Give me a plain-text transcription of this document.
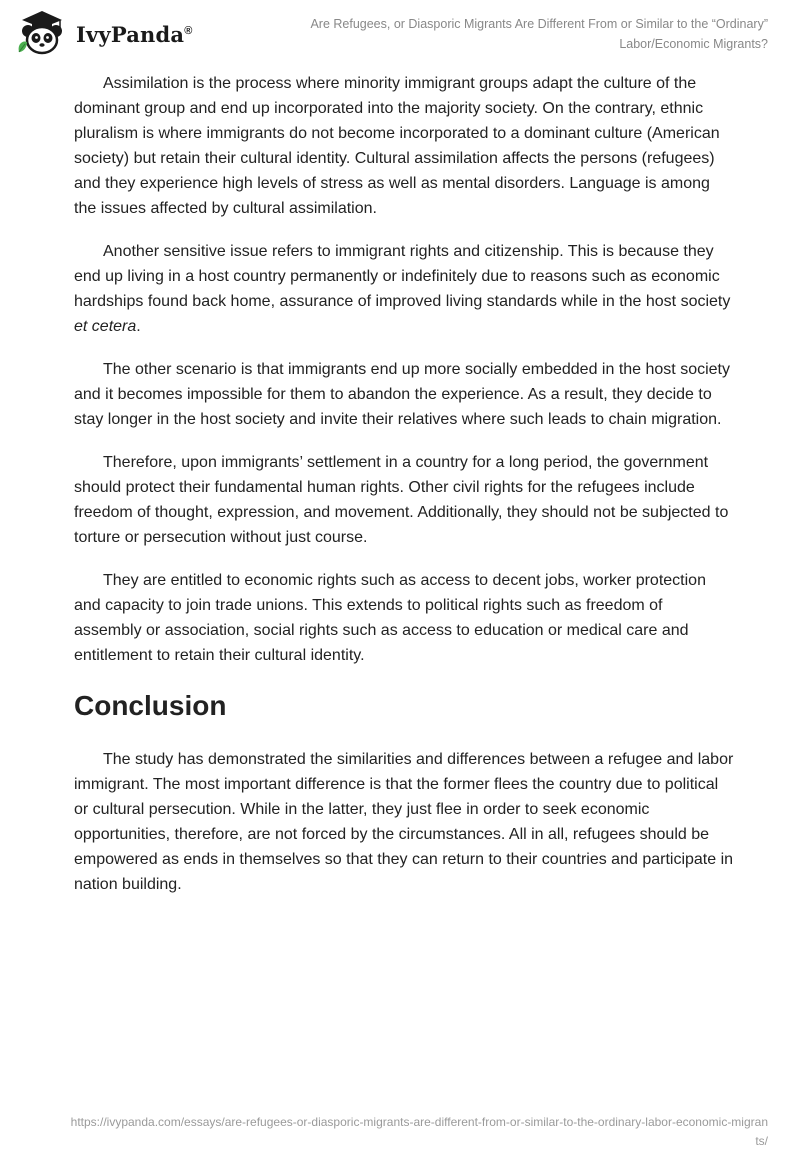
IvyPanda®	Are Refugees, or Diasporic Migrants Are Different From or Similar to the “Ordinary” Labor/Economic Migrants?

Assimilation is the process where minority immigrant groups adapt the culture of the dominant group and end up incorporated into the majority society. On the contrary, ethnic pluralism is where immigrants do not become incorporated to a dominant culture (American society) but retain their cultural identity. Cultural assimilation affects the persons (refugees) and they experience high levels of stress as well as mental disorders. Language is among the issues affected by cultural assimilation.

Another sensitive issue refers to immigrant rights and citizenship. This is because they end up living in a host country permanently or indefinitely due to reasons such as economic hardships found back home, assurance of improved living standards while in the host society et cetera.

The other scenario is that immigrants end up more socially embedded in the host society and it becomes impossible for them to abandon the experience. As a result, they decide to stay longer in the host society and invite their relatives where such leads to chain migration.

Therefore, upon immigrants’ settlement in a country for a long period, the government should protect their fundamental human rights. Other civil rights for the refugees include freedom of thought, expression, and movement. Additionally, they should not be subjected to torture or persecution without just course.

They are entitled to economic rights such as access to decent jobs, worker protection and capacity to join trade unions. This extends to political rights such as freedom of assembly or association, social rights such as access to education or medical care and entitlement to retain their cultural identity.

Conclusion

The study has demonstrated the similarities and differences between a refugee and labor immigrant. The most important difference is that the former flees the country due to political or cultural persecution. While in the latter, they just flee in order to seek economic opportunities, therefore, are not forced by the circumstances. All in all, refugees should be empowered as ends in themselves so that they can return to their countries and participate in nation building.

https://ivypanda.com/essays/are-refugees-or-diasporic-migrants-are-different-from-or-similar-to-the-ordinary-labor-economic-migrants/
